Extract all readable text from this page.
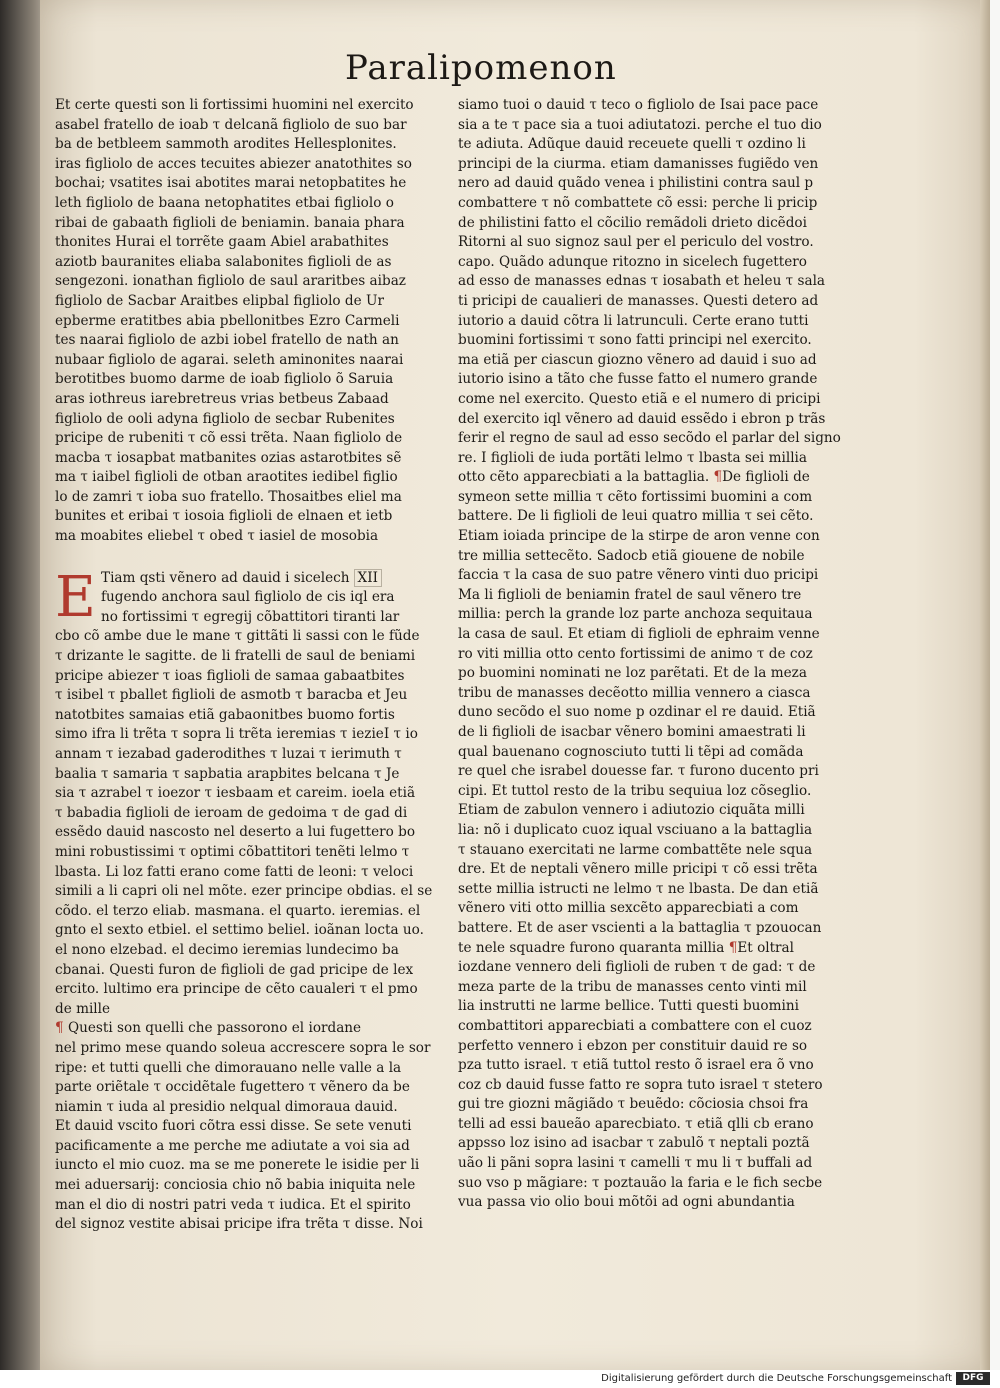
Paralipomenon
Et certe questi son li fortissimi huomini nel exercito
asabel fratello de ioab τ delcanã figliolo de suo bar
ba de betbleem sammoth arodites Hellesplonites.
iras figliolo de acces tecuites abiezer anatothites so
bochai; vsatites isai abotites marai netopbatites he
leth figliolo de baana netophatites etbai figliolo o
ribai de gabaath figlioli de beniamin. banaia phara
thonites Hurai el torrẽte gaam Abiel arabathites
aziotb bauranites eliaba salabonites figlioli de as
sengezoni. ionathan figliolo de saul araritbes aibaz
figliolo de Sacbar Araitbes elipbal figliolo de Ur
epberme eratitbes abia pbellonitbes Ezro Carmeli
tes naarai figliolo de azbi iobel fratello de nath an
nubaar figliolo de agarai. seleth aminonites naarai
berotitbes buomo darme de ioab figliolo õ Saruia
aras iothreus iarebretreus vrias betbeus Zabaad
figliolo de ooli adyna figliolo de secbar Rubenites
pricipe de rubeniti τ cõ essi trẽta. Naan figliolo de
macba τ iosapbat matbanites ozias astarotbites sẽ
ma τ iaibel figlioli de otban araotites iedibel figlio
lo de zamri τ ioba suo fratello. Thosaitbes eliel ma
bunites et eribai τ iosoia figlioli de elnaen et ietb
ma moabites eliebel τ obed τ iasiel de mosobia
E Tiam qsti vẽnero ad dauid i sicelech XII
fugendo anchora saul figliolo de cis iql era
no fortissimi τ egregij cõbattitori tiranti lar
cbo cõ ambe due le mane τ gittãti li sassi con le fũde
τ drizante le sagitte. de li fratelli de saul de beniami
pricipe abiezer τ ioas figlioli de samaa gabaatbites
τ isibel τ pballet figlioli de asmotb τ baracba et Jeu
natotbites samaias etiã gabaonitbes buomo fortis
simo ifra li trẽta τ sopra li trẽta ieremias τ iezieI τ io
annam τ iezabad gaderodithes τ luzai τ ierimuth τ
baalia τ samaria τ sapbatia arapbites belcana τ Je
sia τ azrabel τ ioezor τ iesbaam et careim. ioela etiã
τ babadia figlioli de ieroam de gedoima τ de gad di
essẽdo dauid nascosto nel deserto a lui fugettero bo
mini robustissimi τ optimi cõbattitori tenẽti lelmo τ
lbasta. Li loz fatti erano come fatti de leoni: τ veloci
simili a li capri oli nel mõte. ezer principe obdias. el se
cõdo. el terzo eliab. masmana. el quarto. ieremias. el
gnto el sexto etbiel. el settimo beliel. ioãnan locta uo.
el nono elzebad. el decimo ieremias lundecimo ba
cbanai. Questi furon de figlioli de gad pricipe de lex
ercito. lultimo era principe de cẽto caualeri τ el pmo
de mille
¶ Questi son quelli che passorono el iordane
nel primo mese quando soleua accrescere sopra le sor
ripe: et tutti quelli che dimorauano nelle valle a la
parte oriẽtale τ occidẽtale fugettero τ vẽnero da be
niamin τ iuda al presidio nelqual dimoraua dauid.
Et dauid vscito fuori cõtra essi disse. Se sete venuti
pacificamente a me perche me adiutate a voi sia ad
iuncto el mio cuoz. ma se me ponerete le isidie per li
mei aduersarij: conciosia chio nõ babia iniquita nele
man el dio di nostri patri veda τ iudica. Et el spirito
del signoz vestite abisai pricipe ifra trẽta τ disse. Noi
siamo tuoi o dauid τ teco o figliolo de Isai pace pace
sia a te τ pace sia a tuoi adiutatozi. perche el tuo dio
te adiuta. Adũque dauid receuete quelli τ ozdino li
principi de la ciurma. etiam damanisses fugiẽdo ven
nero ad dauid quãdo venea i philistini contra saul p
combattere τ nõ combattete cõ essi: perche li pricip
de philistini fatto el cõcilio remãdoli drieto dicẽdoi
Ritorni al suo signoz saul per el periculo del vostro.
capo. Quãdo adunque ritozno in sicelech fugettero
ad esso de manasses ednas τ iosabath et heleu τ sala
ti pricipi de caualieri de manasses. Questi detero ad
iutorio a dauid cõtra li latrunculi. Certe erano tutti
buomini fortissimi τ sono fatti principi nel exercito.
ma etiã per ciascun giozno vẽnero ad dauid i suo ad
iutorio isino a tãto che fusse fatto el numero grande
come nel exercito. Questo etiã e el numero di pricipi
del exercito iql vẽnero ad dauid essẽdo i ebron p trãs
ferir el regno de saul ad esso secõdo el parlar del signo
re. I figlioli de iuda portãti lelmo τ lbasta sei millia
otto cẽto apparecbiati a la battaglia. ¶De figlioli de
symeon sette millia τ cẽto fortissimi buomini a com
battere. De li figlioli de leui quatro millia τ sei cẽto.
Etiam ioiada principe de la stirpe de aron venne con
tre millia settecẽto. Sadocb etiã giouene de nobile
faccia τ la casa de suo patre vẽnero vinti duo pricipi
Ma li figlioli de beniamin fratel de saul vẽnero tre
millia: perch la grande loz parte anchoza sequitaua
la casa de saul. Et etiam di figlioli de ephraim venne
ro viti millia otto cento fortissimi de animo τ de coz
po buomini nominati ne loz parẽtati. Et de la meza
tribu de manasses decẽotto millia vennero a ciasca
duno secõdo el suo nome p ozdinar el re dauid. Etiã
de li figlioli de isacbar vẽnero bomini amaestrati li
qual bauenano cognosciuto tutti li tẽpi ad comãda
re quel che israbel douesse far. τ furono ducento pri
cipi. Et tuttol resto de la tribu sequiua loz cõseglio.
Etiam de zabulon vennero i adiutozio ciquãta milli
lia: nõ i duplicato cuoz iqual vsciuano a la battaglia
τ stauano exercitati ne larme combattẽte nele squa
dre. Et de neptali vẽnero mille pricipi τ cõ essi trẽta
sette millia istructi ne lelmo τ ne lbasta. De dan etiã
vẽnero viti otto millia sexcẽto apparecbiati a com
battere. Et de aser vscienti a la battaglia τ pzouocan
te nele squadre furono quaranta millia ¶Et oltral
iozdane vennero deli figlioli de ruben τ de gad: τ de
meza parte de la tribu de manasses cento vinti mil
lia instrutti ne larme bellice. Tutti questi buomini
combattitori apparecbiati a combattere con el cuoz
perfetto vennero i ebzon per constituir dauid re so
pza tutto israel. τ etiã tuttol resto õ israel era õ vno
coz cb dauid fusse fatto re sopra tuto israel τ stetero
gui tre giozni mãgiãdo τ beuẽdo: cõciosia chsoi fra
telli ad essi baueão aparecbiato. τ etiã qlli cb erano
appsso loz isino ad isacbar τ zabulõ τ neptali poztã
uão li pãni sopra lasini τ camelli τ mu li τ buffali ad
suo vso p mãgiare: τ poztauão la faria e le fich secbe
vua passa vio olio boui mõtõi ad ogni abundantia
Digitalisierung gefördert durch die Deutsche Forschungsgemeinschaft	DFG
